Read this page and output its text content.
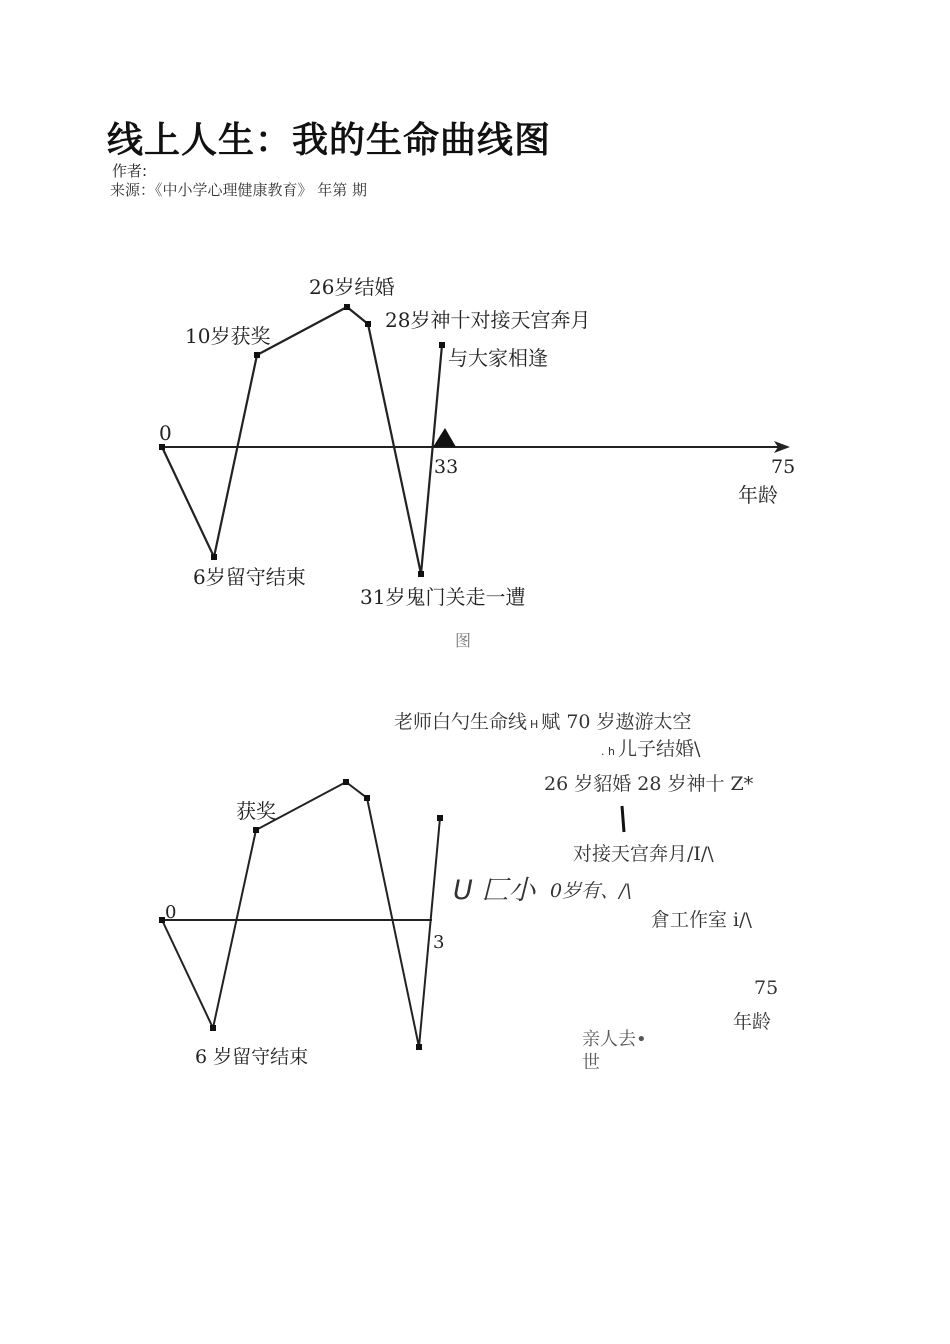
线上人生：我的生命曲线图
作者:
来源：《中小学心理健康教育》 年第 期
0
10岁获奖
26岁结婚
28岁神十对接天宫奔月
与大家相逢
33	75
年龄
6岁留守结束
31岁鬼门关走一遭
图
老师白勺生命线 H 赋 70 岁遨游太空
. h 儿子结婚\
26 岁貂婚 28 岁神十 Z*
对接天宫奔月/I/\
U 匚小 0岁有、/\
倉工作室 i/\
获奖
0
3
75
年龄
亲人去•
世
6 岁留守结束
